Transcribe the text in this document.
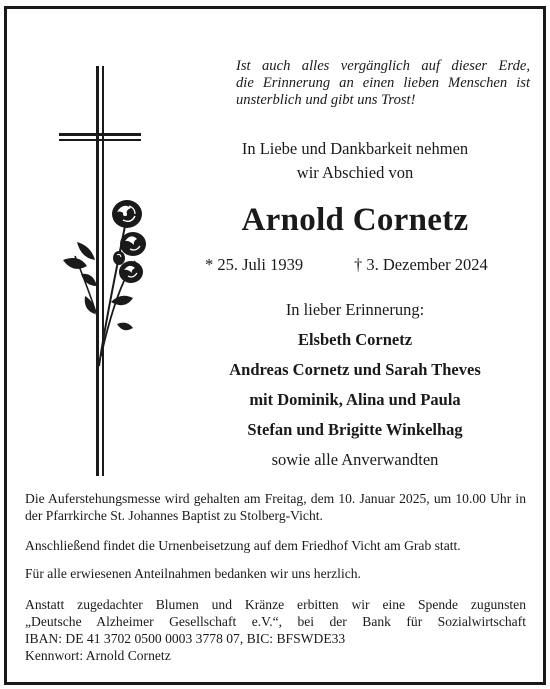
Ist auch alles vergänglich auf dieser Erde,
die Erinnerung an einen lieben Menschen ist
unsterblich und gibt uns Trost!
In Liebe und Dankbarkeit nehmen
wir Abschied von
Arnold Cornetz
* 25. Juli 1939	† 3. Dezember 2024
In lieber Erinnerung:
Elsbeth Cornetz
Andreas Cornetz und Sarah Theves
mit Dominik, Alina und Paula
Stefan und Brigitte Winkelhag
sowie alle Anverwandten
Die Auferstehungsmesse wird gehalten am Freitag, dem 10. Januar 2025, um 10.00 Uhr in der Pfarrkirche St. Johannes Baptist zu Stolberg-Vicht.
Anschließend findet die Urnenbeisetzung auf dem Friedhof Vicht am Grab statt.
Für alle erwiesenen Anteilnahmen bedanken wir uns herzlich.
Anstatt zugedachter Blumen und Kränze erbitten wir eine Spende zugunsten
„Deutsche Alzheimer Gesellschaft e.V.“, bei der Bank für Sozialwirtschaft
IBAN: DE 41 3702 0500 0003 3778 07, BIC: BFSWDE33
Kennwort: Arnold Cornetz
